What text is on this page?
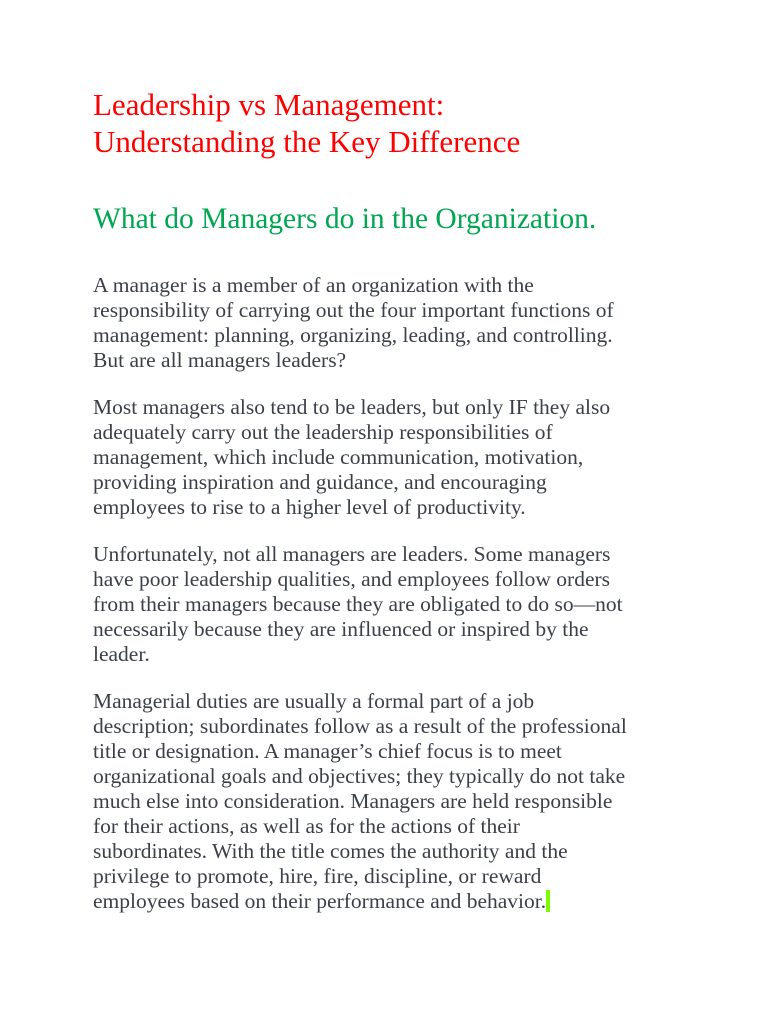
Leadership vs Management:
Understanding the Key Difference
What do Managers do in the Organization.

A manager is a member of an organization with the
responsibility of carrying out the four important functions of
management: planning, organizing, leading, and controlling.
But are all managers leaders?

Most managers also tend to be leaders, but only IF they also
adequately carry out the leadership responsibilities of
management, which include communication, motivation,
providing inspiration and guidance, and encouraging
employees to rise to a higher level of productivity.

Unfortunately, not all managers are leaders. Some managers
have poor leadership qualities, and employees follow orders
from their managers because they are obligated to do so—not
necessarily because they are influenced or inspired by the
leader.

Managerial duties are usually a formal part of a job
description; subordinates follow as a result of the professional
title or designation. A manager’s chief focus is to meet
organizational goals and objectives; they typically do not take
much else into consideration. Managers are held responsible
for their actions, as well as for the actions of their
subordinates. With the title comes the authority and the
privilege to promote, hire, fire, discipline, or reward
employees based on their performance and behavior.
